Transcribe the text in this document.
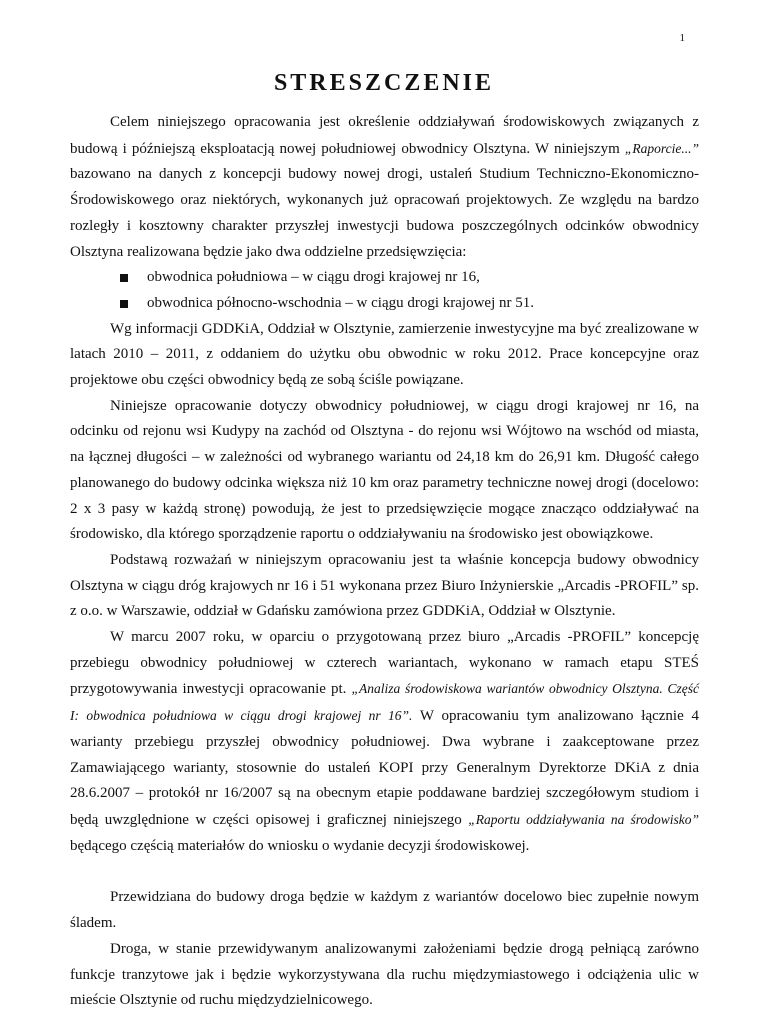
1
STRESZCZENIE

Celem niniejszego opracowania jest określenie oddziaływań środowiskowych związanych z budową i późniejszą eksploatacją nowej południowej obwodnicy Olsztyna. W niniejszym „Raporcie...” bazowano na danych z koncepcji budowy nowej drogi, ustaleń Studium Techniczno-Ekonomiczno-Środowiskowego oraz niektórych, wykonanych już opracowań projektowych. Ze względu na bardzo rozległy i kosztowny charakter przyszłej inwestycji budowa poszczególnych odcinków obwodnicy Olsztyna realizowana będzie jako dwa oddzielne przedsięwzięcia:

obwodnica południowa – w ciągu drogi krajowej nr 16,
obwodnica północno-wschodnia – w ciągu drogi krajowej nr 51.

Wg informacji GDDKiA, Oddział w Olsztynie, zamierzenie inwestycyjne ma być zrealizowane w latach 2010 – 2011, z oddaniem do użytku obu obwodnic w roku 2012. Prace koncepcyjne oraz projektowe obu części obwodnicy będą ze sobą ściśle powiązane.

Niniejsze opracowanie dotyczy obwodnicy południowej, w ciągu drogi krajowej nr 16, na odcinku od rejonu wsi Kudypy na zachód od Olsztyna - do rejonu wsi Wójtowo na wschód od miasta, na łącznej długości – w zależności od wybranego wariantu od 24,18 km do 26,91 km. Długość całego planowanego do budowy odcinka większa niż 10 km oraz parametry techniczne nowej drogi (docelowo: 2 x 3 pasy w każdą stronę) powodują, że jest to przedsięwzięcie mogące znacząco oddziaływać na środowisko, dla którego sporządzenie raportu o oddziaływaniu na środowisko jest obowiązkowe.

Podstawą rozważań w niniejszym opracowaniu jest ta właśnie koncepcja budowy obwodnicy Olsztyna w ciągu dróg krajowych nr 16 i 51 wykonana przez Biuro Inżynierskie „Arcadis -PROFIL” sp. z o.o. w Warszawie, oddział w Gdańsku zamówiona przez GDDKiA, Oddział w Olsztynie.

W marcu 2007 roku, w oparciu o przygotowaną przez biuro „Arcadis -PROFIL” koncepcję przebiegu obwodnicy południowej w czterech wariantach, wykonano w ramach etapu STEŚ przygotowywania inwestycji opracowanie pt. „Analiza środowiskowa wariantów obwodnicy Olsztyna. Część I: obwodnica południowa w ciągu drogi krajowej nr 16”. W opracowaniu tym analizowano łącznie 4 warianty przebiegu przyszłej obwodnicy południowej. Dwa wybrane i zaakceptowane przez Zamawiającego warianty, stosownie do ustaleń KOPI przy Generalnym Dyrektorze DKiA z dnia 28.6.2007 – protokół nr 16/2007 są na obecnym etapie poddawane bardziej szczegółowym studiom i będą uwzględnione w części opisowej i graficznej niniejszego „Raportu oddziaływania na środowisko” będącego częścią materiałów do wniosku o wydanie decyzji środowiskowej.

Przewidziana do budowy droga będzie w każdym z wariantów docelowo biec zupełnie nowym śladem.

Droga, w stanie przewidywanym analizowanymi założeniami będzie drogą pełniącą zarówno funkcje tranzytowe jak i będzie wykorzystywana dla ruchu międzymiastowego i odciążenia ulic w mieście Olsztynie od ruchu międzydzielnicowego.
